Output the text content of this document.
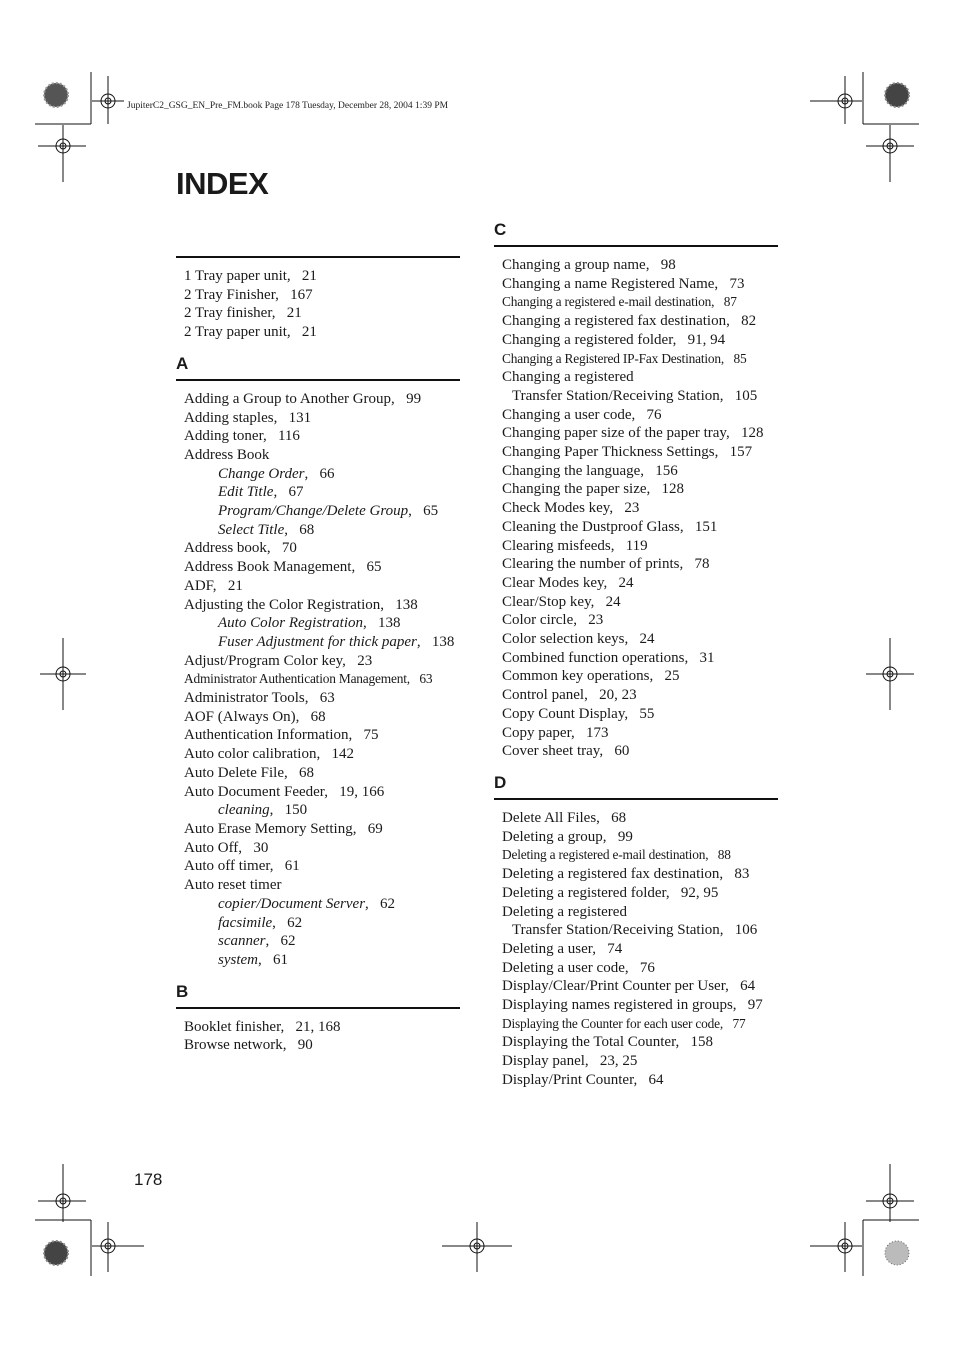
JupiterC2_GSG_EN_Pre_FM.book Page 178 Tuesday, December 28, 2004 1:39 PM
INDEX
1 Tray paper unit,   21
2 Tray Finisher,   167
2 Tray finisher,   21
2 Tray paper unit,   21
A
Adding a Group to Another Group,   99
Adding staples,   131
Adding toner,   116
Address Book
Change Order,   66
Edit Title,   67
Program/Change/Delete Group,   65
Select Title,   68
Address book,   70
Address Book Management,   65
ADF,   21
Adjusting the Color Registration,   138
Auto Color Registration,   138
Fuser Adjustment for thick paper,   138
Adjust/Program Color key,   23
Administrator Authentication Management,   63
Administrator Tools,   63
AOF (Always On),   68
Authentication Information,   75
Auto color calibration,   142
Auto Delete File,   68
Auto Document Feeder,   19, 166
cleaning,   150
Auto Erase Memory Setting,   69
Auto Off,   30
Auto off timer,   61
Auto reset timer
copier/Document Server,   62
facsimile,   62
scanner,   62
system,   61
B
Booklet finisher,   21, 168
Browse network,   90
C
Changing a group name,   98
Changing a name Registered Name,   73
Changing a registered e-mail destination,   87
Changing a registered fax destination,   82
Changing a registered folder,   91, 94
Changing a Registered IP-Fax Destination,   85
Changing a registered
Transfer Station/Receiving Station,   105
Changing a user code,   76
Changing paper size of the paper tray,   128
Changing Paper Thickness Settings,   157
Changing the language,   156
Changing the paper size,   128
Check Modes key,   23
Cleaning the Dustproof Glass,   151
Clearing misfeeds,   119
Clearing the number of prints,   78
Clear Modes key,   24
Clear/Stop key,   24
Color circle,   23
Color selection keys,   24
Combined function operations,   31
Common key operations,   25
Control panel,   20, 23
Copy Count Display,   55
Copy paper,   173
Cover sheet tray,   60
D
Delete All Files,   68
Deleting a group,   99
Deleting a registered e-mail destination,   88
Deleting a registered fax destination,   83
Deleting a registered folder,   92, 95
Deleting a registered
Transfer Station/Receiving Station,   106
Deleting a user,   74
Deleting a user code,   76
Display/Clear/Print Counter per User,   64
Displaying names registered in groups,   97
Displaying the Counter for each user code,   77
Displaying the Total Counter,   158
Display panel,   23, 25
Display/Print Counter,   64
178
